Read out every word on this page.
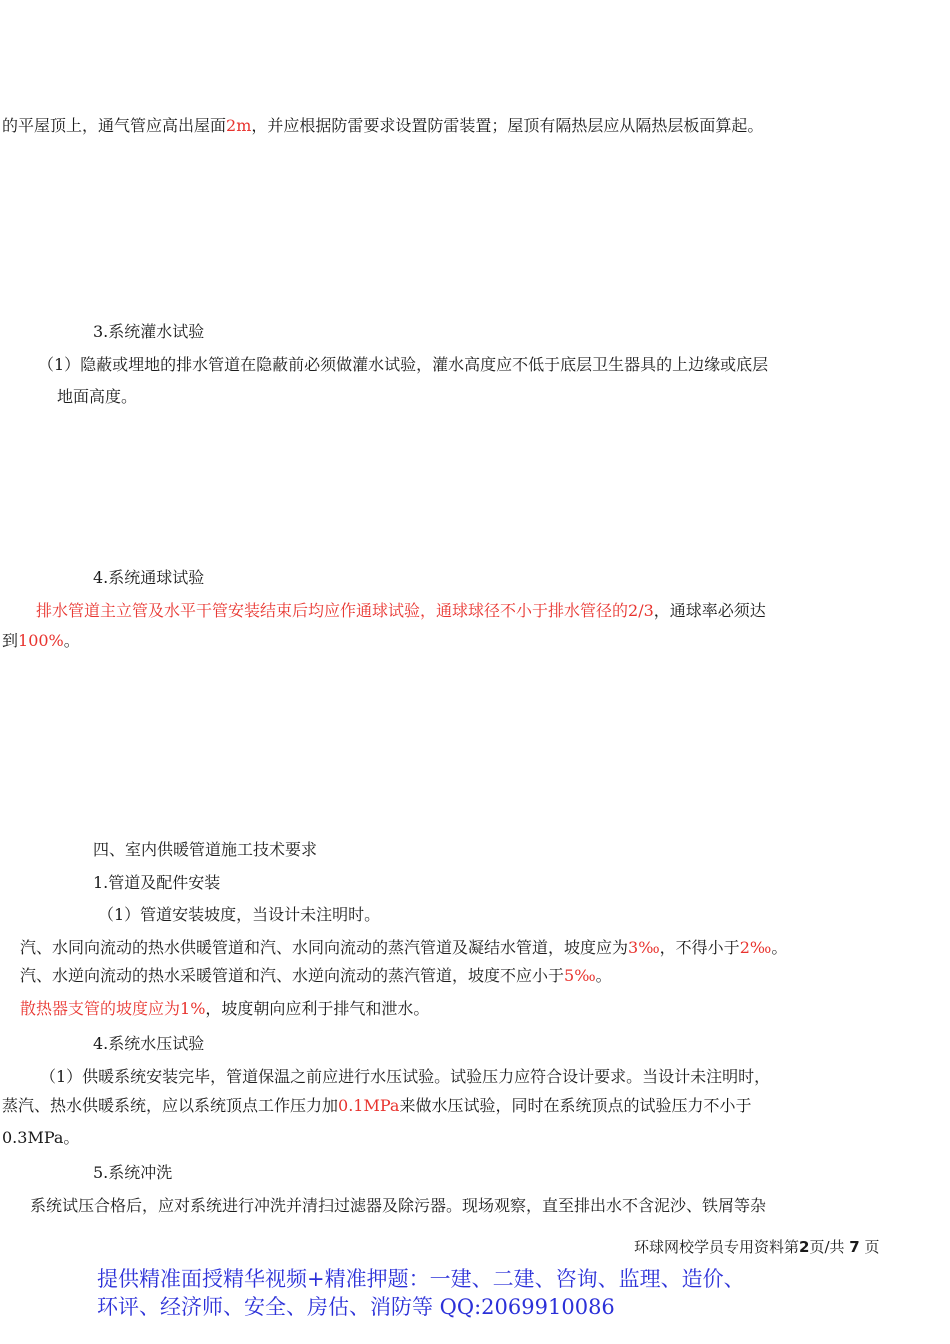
的平屋顶上，通气管应高出屋面2m，并应根据防雷要求设置防雷装置；屋顶有隔热层应从隔热层板面算起。

3.系统灌水试验

（1）隐蔽或埋地的排水管道在隐蔽前必须做灌水试验，灌水高度应不低于底层卫生器具的上边缘或底层

地面高度。

4.系统通球试验

排水管道主立管及水平干管安装结束后均应作通球试验，通球球径不小于排水管径的2/3，通球率必须达

到100%。

四、室内供暖管道施工技术要求

1.管道及配件安装

（1）管道安装坡度，当设计未注明时。

汽、水同向流动的热水供暖管道和汽、水同向流动的蒸汽管道及凝结水管道，坡度应为3‰，不得小于2‰。

汽、水逆向流动的热水采暖管道和汽、水逆向流动的蒸汽管道，坡度不应小于5‰。

散热器支管的坡度应为1%，坡度朝向应利于排气和泄水。

4.系统水压试验

（1）供暖系统安装完毕，管道保温之前应进行水压试验。试验压力应符合设计要求。当设计未注明时，

蒸汽、热水供暖系统，应以系统顶点工作压力加0.1MPa来做水压试验，同时在系统顶点的试验压力不小于

0.3MPa。

5.系统冲洗

系统试压合格后，应对系统进行冲洗并清扫过滤器及除污器。现场观察，直至排出水不含泥沙、铁屑等杂

环球网校学员专用资料第2页/共 7 页
提供精准面授精华视频+精准押题：一建、二建、咨询、监理、造价、
环评、经济师、安全、房估、消防等 QQ:2069910086
